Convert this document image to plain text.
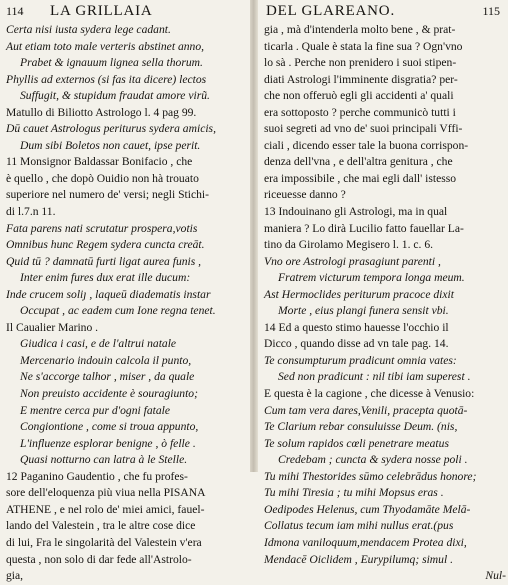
114 LA GRILLAIA
Certa nisi iusta sydera lege cadant.
Aut etiam toto male verteris abstinet anno,
Prabet & ignauum lignea sella thorum.
Phyllis ad externos (si fas ita dicere) lectos
Suffugit, & stupidum fraudat amore virũ.
Matullo di Biliotto Astrologo l. 4 pag 99.
Dū cauet Astrologus periturus sydera amicis,
Dum sibi Boletos non cauet, ipse perit.
11 Monsignor Baldassar Bonifacio , che
è quello , che dopò Ouidio non hà trouato
superiore nel numero de' versi; negli Stichi-
di l.7.n 11.
Fata parens nati scrutatur prospera,votis
Omnibus hunc Regem sydera cuncta creāt.
Quid tū ? damnatū furti ligat aurea funis ,
Inter enim fures dux erat ille ducum:
Inde crucem soliȷ , laqueū diadematis instar
Occupat , ac eadem cum Ione regna tenet.
Il Caualier Marino .
Giudica i casi, e de l'altrui natale
Mercenario indouin calcola il punto,
Ne s'accorge talhor , miser , da quale
Non preuisto accidente è souragiunto;
E mentre cerca pur d'ogni fatale
Congiontione , come si troua appunto,
L'influenze esplorar benigne , ò felle .
Quasi notturno can latra à le Stelle.
12 Paganino Gaudentio , che fu profes-
sore dell'eloquenza più viua nella PISANA
ATHENE , e nel rolo de' miei amici, fauel-
lando del Valestein , tra le altre cose dice
di lui, Fra le singolarità del Valestein v'era
questa , non solo di dar fede all'Astrolo-
gia,
DEL GLAREANO.	115
gia , mà d'intenderla molto bene , & prat-
ticarla . Quale è stata la fine sua ? Ogn'vno
lo sà . Perche non prenidero i suoi stipen-
diati Astrologi l'imminente disgratia? per-
che non offeruò egli gli accidenti a' quali
era sottoposto ? perche communicò tutti i
suoi segreti ad vno de' suoi principali Vffi-
ciali , dicendo esser tale la buona corrispon-
denza dell'vna , e dell'altra genitura , che
era impossibile , che mai egli dall' istesso
riceuesse danno ?
13 Indouinano gli Astrologi, ma in qual
maniera ? Lo dirà Lucilio fatto fauellar La-
tino da Girolamo Megisero l. 1. c. 6.
Vno ore Astrologi prasagiunt parenti ,
Fratrem victurum tempora longa meum.
Ast Hermoclides periturum pracoce dixit
Morte , eius plangi funera sensit vbi.
14 Ed a questo stimo hauesse l'occhio il
Dicco , quando disse ad vn tale pag. 14.
Te consumpturum pradicunt omnia vates:
Sed non pradicunt : nil tibi iam superest .
E questa è la cagione , che dicesse à Venusio:
Cum tam vera dares,Venili, pracepta quotā-
Te Clarium rebar consuluisse Deum. (nis,
Te solum rapidos cœli penetrare meatus
Credebam ; cuncta & sydera nosse poli .
Tu mihi Thestorides sūmo celebrādus honore;
Tu mihi Tiresia ; tu mihi Mopsus eras .
Oedipodes Helenus, cum Thyodamāte Melā-
Collatus tecum iam mihi nullus erat.(pus
Idmona vaniloquum,mendacem Protea dixi,
Mendacē Oiclidem , Eurypilumq; simul .
Nul-
